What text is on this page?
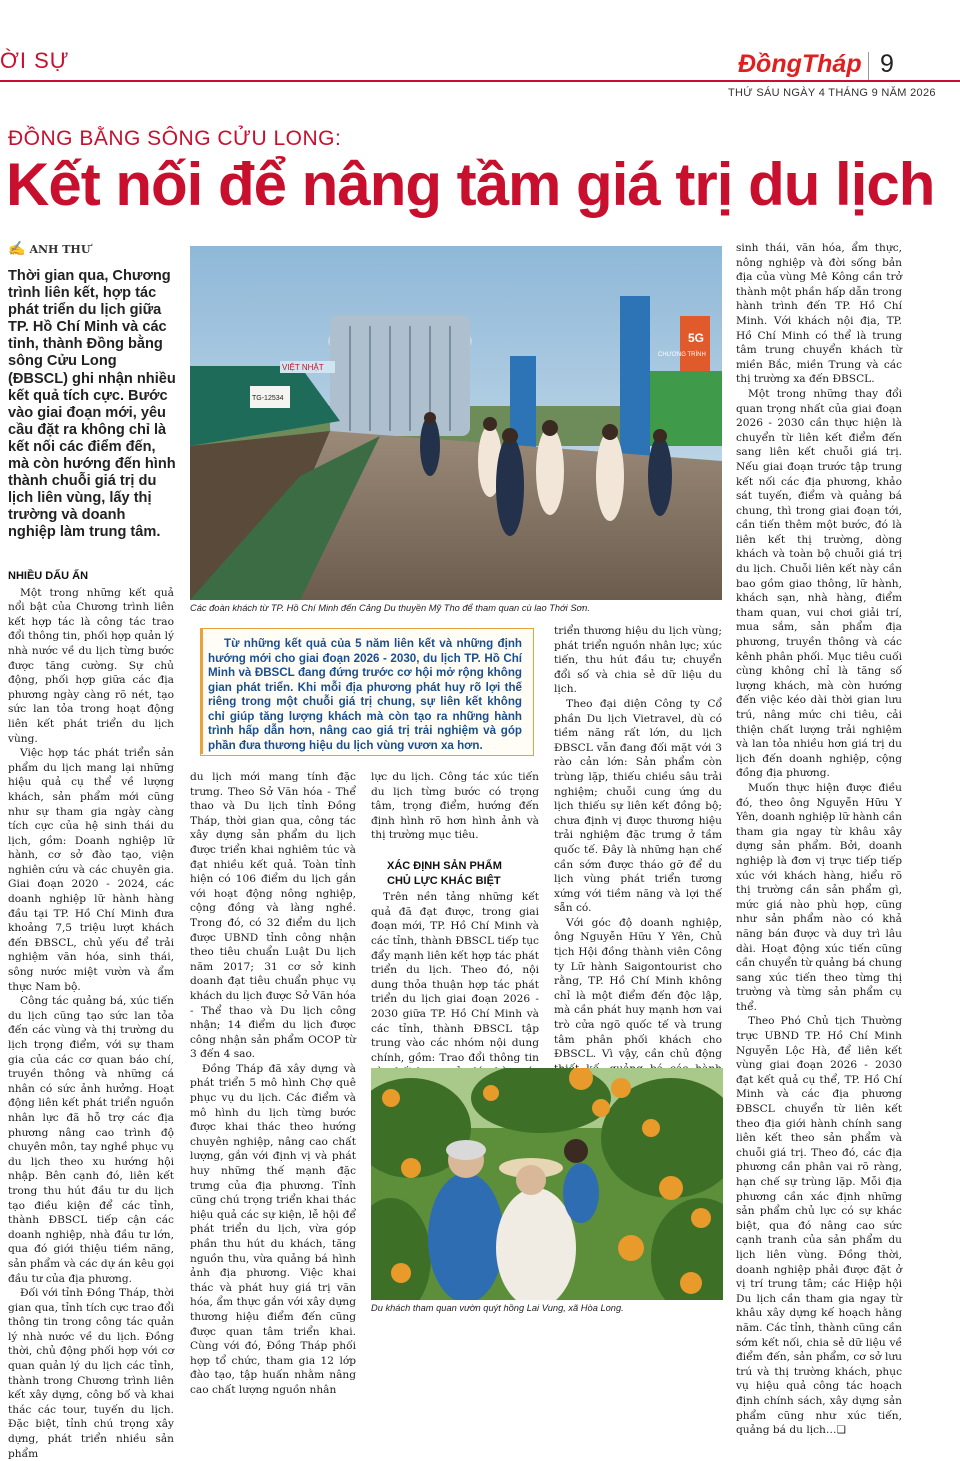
ỜI SỰ	ĐồngTháp 9
THỨ SÁU NGÀY 4 THÁNG 9 NĂM 2026
ĐỒNG BẰNG SÔNG CỬU LONG:
Kết nối để nâng tầm giá trị du lịch
✍ ANH THƯ
Thời gian qua, Chương trình liên kết, hợp tác phát triển du lịch giữa TP. Hồ Chí Minh và các tỉnh, thành Đồng bằng sông Cửu Long (ĐBSCL) ghi nhận nhiều kết quả tích cực. Bước vào giai đoạn mới, yêu cầu đặt ra không chỉ là kết nối các điểm đến, mà còn hướng đến hình thành chuỗi giá trị du lịch liên vùng, lấy thị trường và doanh nghiệp làm trung tâm.
5G
CHƯƠNG TRÌNH
VIỆT NHẬT
TG-12534
Các đoàn khách từ TP. Hồ Chí Minh đến Cảng Du thuyền Mỹ Tho để tham quan cù lao Thới Sơn.
Từ những kết quả của 5 năm liên kết và những định hướng mới cho giai đoạn 2026 - 2030, du lịch TP. Hồ Chí Minh và ĐBSCL đang đứng trước cơ hội mở rộng không gian phát triển. Khi mỗi địa phương phát huy rõ lợi thế riêng trong một chuỗi giá trị chung, sự liên kết không chỉ giúp tăng lượng khách mà còn tạo ra những hành trình hấp dẫn hơn, nâng cao giá trị trải nghiệm và góp phần đưa thương hiệu du lịch vùng vươn xa hơn.
NHIỀU DẤU ẤN

Một trong những kết quả nổi bật của Chương trình liên kết hợp tác là công tác trao đổi thông tin, phối hợp quản lý nhà nước về du lịch từng bước được tăng cường. Sự chủ động, phối hợp giữa các địa phương ngày càng rõ nét, tạo sức lan tỏa trong hoạt động liên kết phát triển du lịch vùng.

Việc hợp tác phát triển sản phẩm du lịch mang lại những hiệu quả cụ thể về lượng khách, sản phẩm mới cũng như sự tham gia ngày càng tích cực của hệ sinh thái du lịch, gồm: Doanh nghiệp lữ hành, cơ sở đào tạo, viện nghiên cứu và các chuyên gia. Giai đoạn 2020 - 2024, các doanh nghiệp lữ hành hàng đầu tại TP. Hồ Chí Minh đưa khoảng 7,5 triệu lượt khách đến ĐBSCL, chủ yếu để trải nghiệm văn hóa, sinh thái, sông nước miệt vườn và ẩm thực Nam bộ.

Công tác quảng bá, xúc tiến du lịch cũng tạo sức lan tỏa đến các vùng và thị trường du lịch trọng điểm, với sự tham gia của các cơ quan báo chí, truyền thông và những cá nhân có sức ảnh hưởng. Hoạt động liên kết phát triển nguồn nhân lực đã hỗ trợ các địa phương nâng cao trình độ chuyên môn, tay nghề phục vụ du lịch theo xu hướng hội nhập. Bên cạnh đó, liên kết trong thu hút đầu tư du lịch tạo điều kiện để các tỉnh, thành ĐBSCL tiếp cận các doanh nghiệp, nhà đầu tư lớn, qua đó giới thiệu tiềm năng, sản phẩm và các dự án kêu gọi đầu tư của địa phương.

Đối với tỉnh Đồng Tháp, thời gian qua, tỉnh tích cực trao đổi thông tin trong công tác quản lý nhà nước về du lịch. Đồng thời, chủ động phối hợp với cơ quan quản lý du lịch các tỉnh, thành trong Chương trình liên kết xây dựng, công bố và khai thác các tour, tuyến du lịch. Đặc biệt, tỉnh chú trọng xây dựng, phát triển nhiều sản phẩm

du lịch mới mang tính đặc trưng. Theo Sở Văn hóa - Thể thao và Du lịch tỉnh Đồng Tháp, thời gian qua, công tác xây dựng sản phẩm du lịch được triển khai nghiêm túc và đạt nhiều kết quả. Toàn tỉnh hiện có 106 điểm du lịch gắn với hoạt động nông nghiệp, cộng đồng và làng nghề. Trong đó, có 32 điểm du lịch được UBND tỉnh công nhận theo tiêu chuẩn Luật Du lịch năm 2017; 31 cơ sở kinh doanh đạt tiêu chuẩn phục vụ khách du lịch được Sở Văn hóa - Thể thao và Du lịch công nhận; 14 điểm du lịch được công nhận sản phẩm OCOP từ 3 đến 4 sao.

Đồng Tháp đã xây dựng và phát triển 5 mô hình Chợ quê phục vụ du lịch. Các điểm và mô hình du lịch từng bước được khai thác theo hướng chuyên nghiệp, nâng cao chất lượng, gắn với định vị và phát huy những thế mạnh đặc trưng của địa phương. Tỉnh cũng chú trọng triển khai thác hiệu quả các sự kiện, lễ hội để phát triển du lịch, vừa góp phần thu hút du khách, tăng nguồn thu, vừa quảng bá hình ảnh địa phương. Việc khai thác và phát huy giá trị văn hóa, ẩm thực gắn với xây dựng thương hiệu điểm đến cũng được quan tâm triển khai. Cùng với đó, Đồng Tháp phối hợp tổ chức, tham gia 12 lớp đào tạo, tập huấn nhằm nâng cao chất lượng nguồn nhân

lực du lịch. Công tác xúc tiến du lịch từng bước có trọng tâm, trọng điểm, hướng đến định hình rõ hơn hình ảnh và thị trường mục tiêu.

XÁC ĐỊNH SẢN PHẨM
CHỦ LỰC KHÁC BIỆT

Trên nền tảng những kết quả đã đạt được, trong giai đoạn mới, TP. Hồ Chí Minh và các tỉnh, thành ĐBSCL tiếp tục đẩy mạnh liên kết hợp tác phát triển du lịch. Theo đó, nội dung thỏa thuận hợp tác phát triển du lịch giai đoạn 2026 - 2030 giữa TP. Hồ Chí Minh và các tỉnh, thành ĐBSCL tập trung vào các nhóm nội dung chính, gồm: Trao đổi thông tin

triển thương hiệu du lịch vùng; phát triển nguồn nhân lực; xúc tiến, thu hút đầu tư; chuyển đổi số và chia sẻ dữ liệu du lịch.

Theo đại diện Công ty Cổ phần Du lịch Vietravel, dù có tiềm năng rất lớn, du lịch ĐBSCL vẫn đang đối mặt với 3 rào cản lớn: Sản phẩm còn trùng lặp, thiếu chiều sâu trải nghiệm; chuỗi cung ứng du lịch thiếu sự liên kết đồng bộ; chưa định vị được thương hiệu trải nghiệm đặc trưng ở tầm quốc tế. Đây là những hạn chế cần sớm được tháo gỡ để du lịch vùng phát triển tương xứng với tiềm năng và lợi thế sẵn có.

Với góc độ doanh nghiệp, ông Nguyễn Hữu Y Yên, Chủ tịch Hội đồng thành viên Công ty Lữ hành Saigontourist cho rằng, TP. Hồ Chí Minh không chỉ là một điểm đến độc lập, mà cần phát huy mạnh hơn vai trò cửa ngõ quốc tế và trung tâm phân phối khách cho ĐBSCL. Vì vậy, cần chủ động

Du khách tham quan vườn quýt hồng Lai Vung, xã Hòa Long.

sinh thái, văn hóa, ẩm thực, nông nghiệp và đời sống bản địa của vùng Mê Kông cần trở thành một phần hấp dẫn trong hành trình đến TP. Hồ Chí Minh. Với khách nội địa, TP. Hồ Chí Minh có thể là trung tâm trung chuyển khách từ miền Bắc, miền Trung và các thị trường xa đến ĐBSCL.

Một trong những thay đổi quan trọng nhất của giai đoạn 2026 - 2030 cần thực hiện là chuyển từ liên kết điểm đến sang liên kết chuỗi giá trị. Nếu giai đoạn trước tập trung kết nối các địa phương, khảo sát tuyến, điểm và quảng bá chung, thì trong giai đoạn tới, cần tiến thêm một bước, đó là liên kết thị trường, dòng khách và toàn bộ chuỗi giá trị du lịch. Chuỗi liên kết này cần bao gồm giao thông, lữ hành, khách sạn, nhà hàng, điểm tham quan, vui chơi giải trí, mua sắm, sản phẩm địa phương, truyền thông và các kênh phân phối. Mục tiêu cuối cùng không chỉ là tăng số lượng khách, mà còn hướng đến việc kéo dài thời gian lưu trú, nâng mức chi tiêu, cải thiện chất lượng trải nghiệm và lan tỏa nhiều hơn giá trị du lịch đến doanh nghiệp, cộng đồng địa phương.

Muốn thực hiện được điều đó, theo ông Nguyễn Hữu Y Yên, doanh nghiệp lữ hành cần tham gia ngay từ khâu xây dựng sản phẩm. Bởi, doanh nghiệp là đơn vị trực tiếp tiếp xúc với khách hàng, hiểu rõ thị trường cần sản phẩm gì, mức giá nào phù hợp, cũng như sản phẩm nào có khả năng bán được và duy trì lâu dài. Hoạt động xúc tiến cũng cần chuyển từ quảng bá chung sang xúc tiến theo từng thị trường và từng sản phẩm cụ thể.

Theo Phó Chủ tịch Thường trực UBND TP. Hồ Chí Minh Nguyễn Lộc Hà, để liên kết vùng giai đoạn 2026 - 2030 đạt kết quả cụ thể, TP. Hồ Chí Minh và các địa phương ĐBSCL chuyển từ liên kết theo địa giới hành chính sang liên kết theo sản phẩm và chuỗi giá trị. Theo đó, các địa phương cần phân vai rõ ràng, hạn chế sự trùng lặp. Mỗi địa phương cần xác định những sản phẩm chủ lực có sự khác biệt, qua đó nâng cao sức cạnh tranh của sản phẩm du lịch liên vùng. Đồng thời, doanh nghiệp phải được đặt ở vị trí trung tâm; các Hiệp hội Du lịch cần tham gia ngay từ khâu xây dựng kế hoạch hằng năm. Các tỉnh, thành cũng cần sớm kết nối, chia sẻ dữ liệu về điểm đến, sản phẩm, cơ sở lưu trú và thị trường khách, phục vụ hiệu quả công tác hoạch định chính sách, xây dựng sản phẩm cũng như xúc tiến, quảng bá du lịch…❏
